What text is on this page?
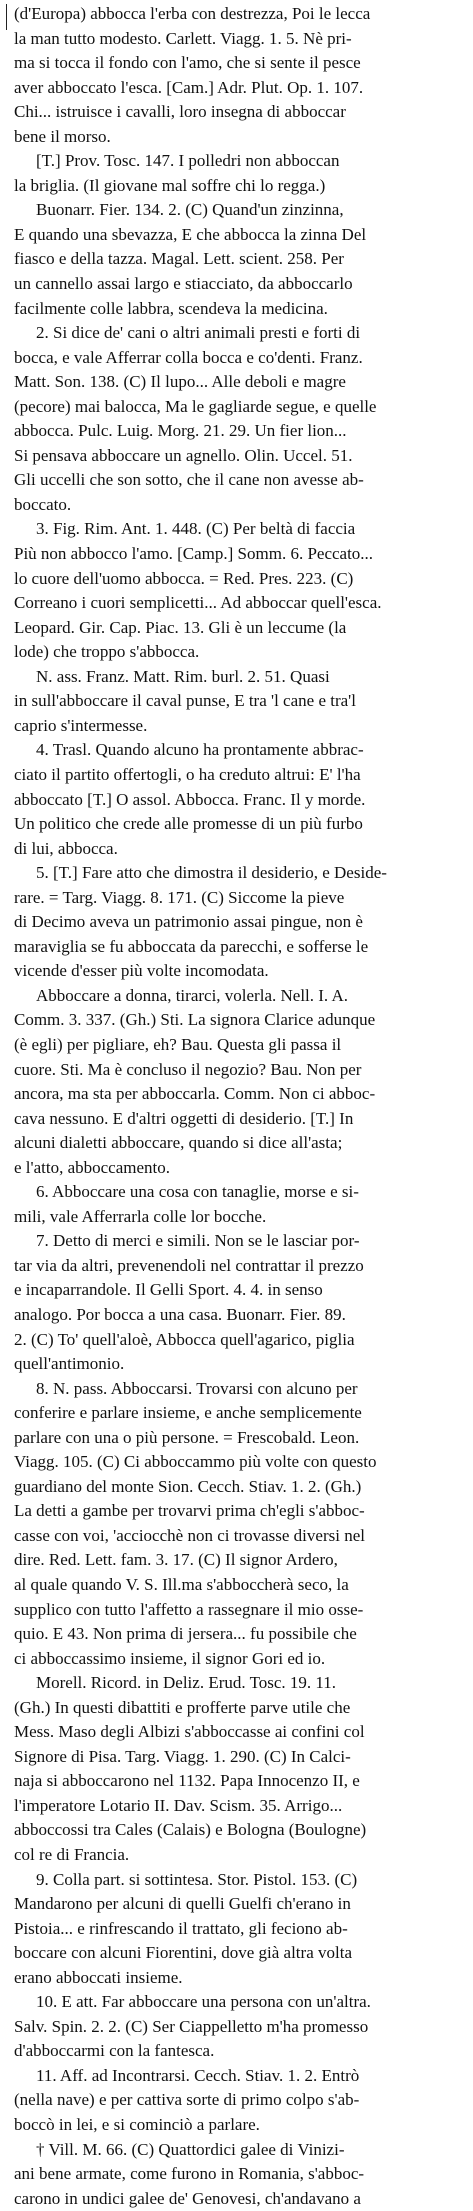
(d'Europa) abbocca l'erba con destrezza, Poi le lecca
la man tutto modesto. Carlett. Viagg. 1. 5. Nè pri-
ma si tocca il fondo con l'amo, che si sente il pesce
aver abboccato l'esca. [Cam.] Adr. Plut. Op. 1. 107.
Chi... istruisce i cavalli, loro insegna di abboccar
bene il morso.
[T.] Prov. Tosc. 147. I polledri non abboccan
la briglia. (Il giovane mal soffre chi lo regga.)
Buonarr. Fier. 134. 2. (C) Quand'un zinzinna,
E quando una sbevazza, E che abbocca la zinna Del
fiasco e della tazza. Magal. Lett. scient. 258. Per
un cannello assai largo e stiacciato, da abboccarlo
facilmente colle labbra, scendeva la medicina.
2. Si dice de' cani o altri animali presti e forti di
bocca, e vale Afferrar colla bocca e co'denti. Franz.
Matt. Son. 138. (C) Il lupo... Alle deboli e magre
(pecore) mai balocca, Ma le gagliarde segue, e quelle
abbocca. Pulc. Luig. Morg. 21. 29. Un fier lion...
Si pensava abboccare un agnello. Olin. Uccel. 51.
Gli uccelli che son sotto, che il cane non avesse ab-
boccato.
3. Fig. Rim. Ant. 1. 448. (C) Per beltà di faccia
Più non abbocco l'amo. [Camp.] Somm. 6. Peccato...
lo cuore dell'uomo abbocca. = Red. Pres. 223. (C)
Correano i cuori semplicetti... Ad abboccar quell'esca.
Leopard. Gir. Cap. Piac. 13. Gli è un leccume (la
lode) che troppo s'abbocca.
N. ass. Franz. Matt. Rim. burl. 2. 51. Quasi
in sull'abboccare il caval punse, E tra 'l cane e tra'l
caprio s'intermesse.
4. Trasl. Quando alcuno ha prontamente abbrac-
ciato il partito offertogli, o ha creduto altrui: E' l'ha
abboccato [T.] O assol. Abbocca. Franc. Il y morde.
Un politico che crede alle promesse di un più furbo
di lui, abbocca.
5. [T.] Fare atto che dimostra il desiderio, e Deside-
rare. = Targ. Viagg. 8. 171. (C) Siccome la pieve
di Decimo aveva un patrimonio assai pingue, non è
maraviglia se fu abboccata da parecchi, e sofferse le
vicende d'esser più volte incomodata.
Abboccare a donna, tirarci, volerla. Nell. I. A.
Comm. 3. 337. (Gh.) Sti. La signora Clarice adunque
(è egli) per pigliare, eh? Bau. Questa gli passa il
cuore. Sti. Ma è concluso il negozio? Bau. Non per
ancora, ma sta per abboccarla. Comm. Non ci abboc-
cava nessuno. E d'altri oggetti di desiderio. [T.] In
alcuni dialetti abboccare, quando si dice all'asta;
e l'atto, abboccamento.
6. Abboccare una cosa con tanaglie, morse e si-
mili, vale Afferrarla colle lor bocche.
7. Detto di merci e simili. Non se le lasciar por-
tar via da altri, prevenendoli nel contrattar il prezzo
e incaparrandole. Il Gelli Sport. 4. 4. in senso
analogo. Por bocca a una casa. Buonarr. Fier. 89.
2. (C) To' quell'aloè, Abbocca quell'agarico, piglia
quell'antimonio.
8. N. pass. Abboccarsi. Trovarsi con alcuno per
conferire e parlare insieme, e anche semplicemente
parlare con una o più persone. = Frescobald. Leon.
Viagg. 105. (C) Ci abboccammo più volte con questo
guardiano del monte Sion. Cecch. Stiav. 1. 2. (Gh.)
La detti a gambe per trovarvi prima ch'egli s'abboc-
casse con voi, 'acciocchè non ci trovasse diversi nel
dire. Red. Lett. fam. 3. 17. (C) Il signor Ardero,
al quale quando V. S. Ill.ma s'abboccherà seco, la
supplico con tutto l'affetto a rassegnare il mio osse-
quio. E 43. Non prima di jersera... fu possibile che
ci abboccassimo insieme, il signor Gori ed io.
Morell. Ricord. in Deliz. Erud. Tosc. 19. 11.
(Gh.) In questi dibattiti e profferte parve utile che
Mess. Maso degli Albizi s'abboccasse ai confini col
Signore di Pisa. Targ. Viagg. 1. 290. (C) In Calci-
naja si abboccarono nel 1132. Papa Innocenzo II, e
l'imperatore Lotario II. Dav. Scism. 35. Arrigo...
abboccossi tra Cales (Calais) e Bologna (Boulogne)
col re di Francia.
9. Colla part. si sottintesa. Stor. Pistol. 153. (C)
Mandarono per alcuni di quelli Guelfi ch'erano in
Pistoia... e rinfrescando il trattato, gli feciono ab-
boccare con alcuni Fiorentini, dove già altra volta
erano abboccati insieme.
10. E att. Far abboccare una persona con un'altra.
Salv. Spin. 2. 2. (C) Ser Ciappelletto m'ha promesso
d'abboccarmi con la fantesca.
11. Aff. ad Incontrarsi. Cecch. Stiav. 1. 2. Entrò
(nella nave) e per cattiva sorte di primo colpo s'ab-
boccò in lei, e si cominciò a parlare.
† Vill. M. 66. (C) Quattordici galee di Vinizi-
ani bene armate, come furono in Romania, s'abboc-
carono in undici galee de' Genovesi, ch'andavano a
